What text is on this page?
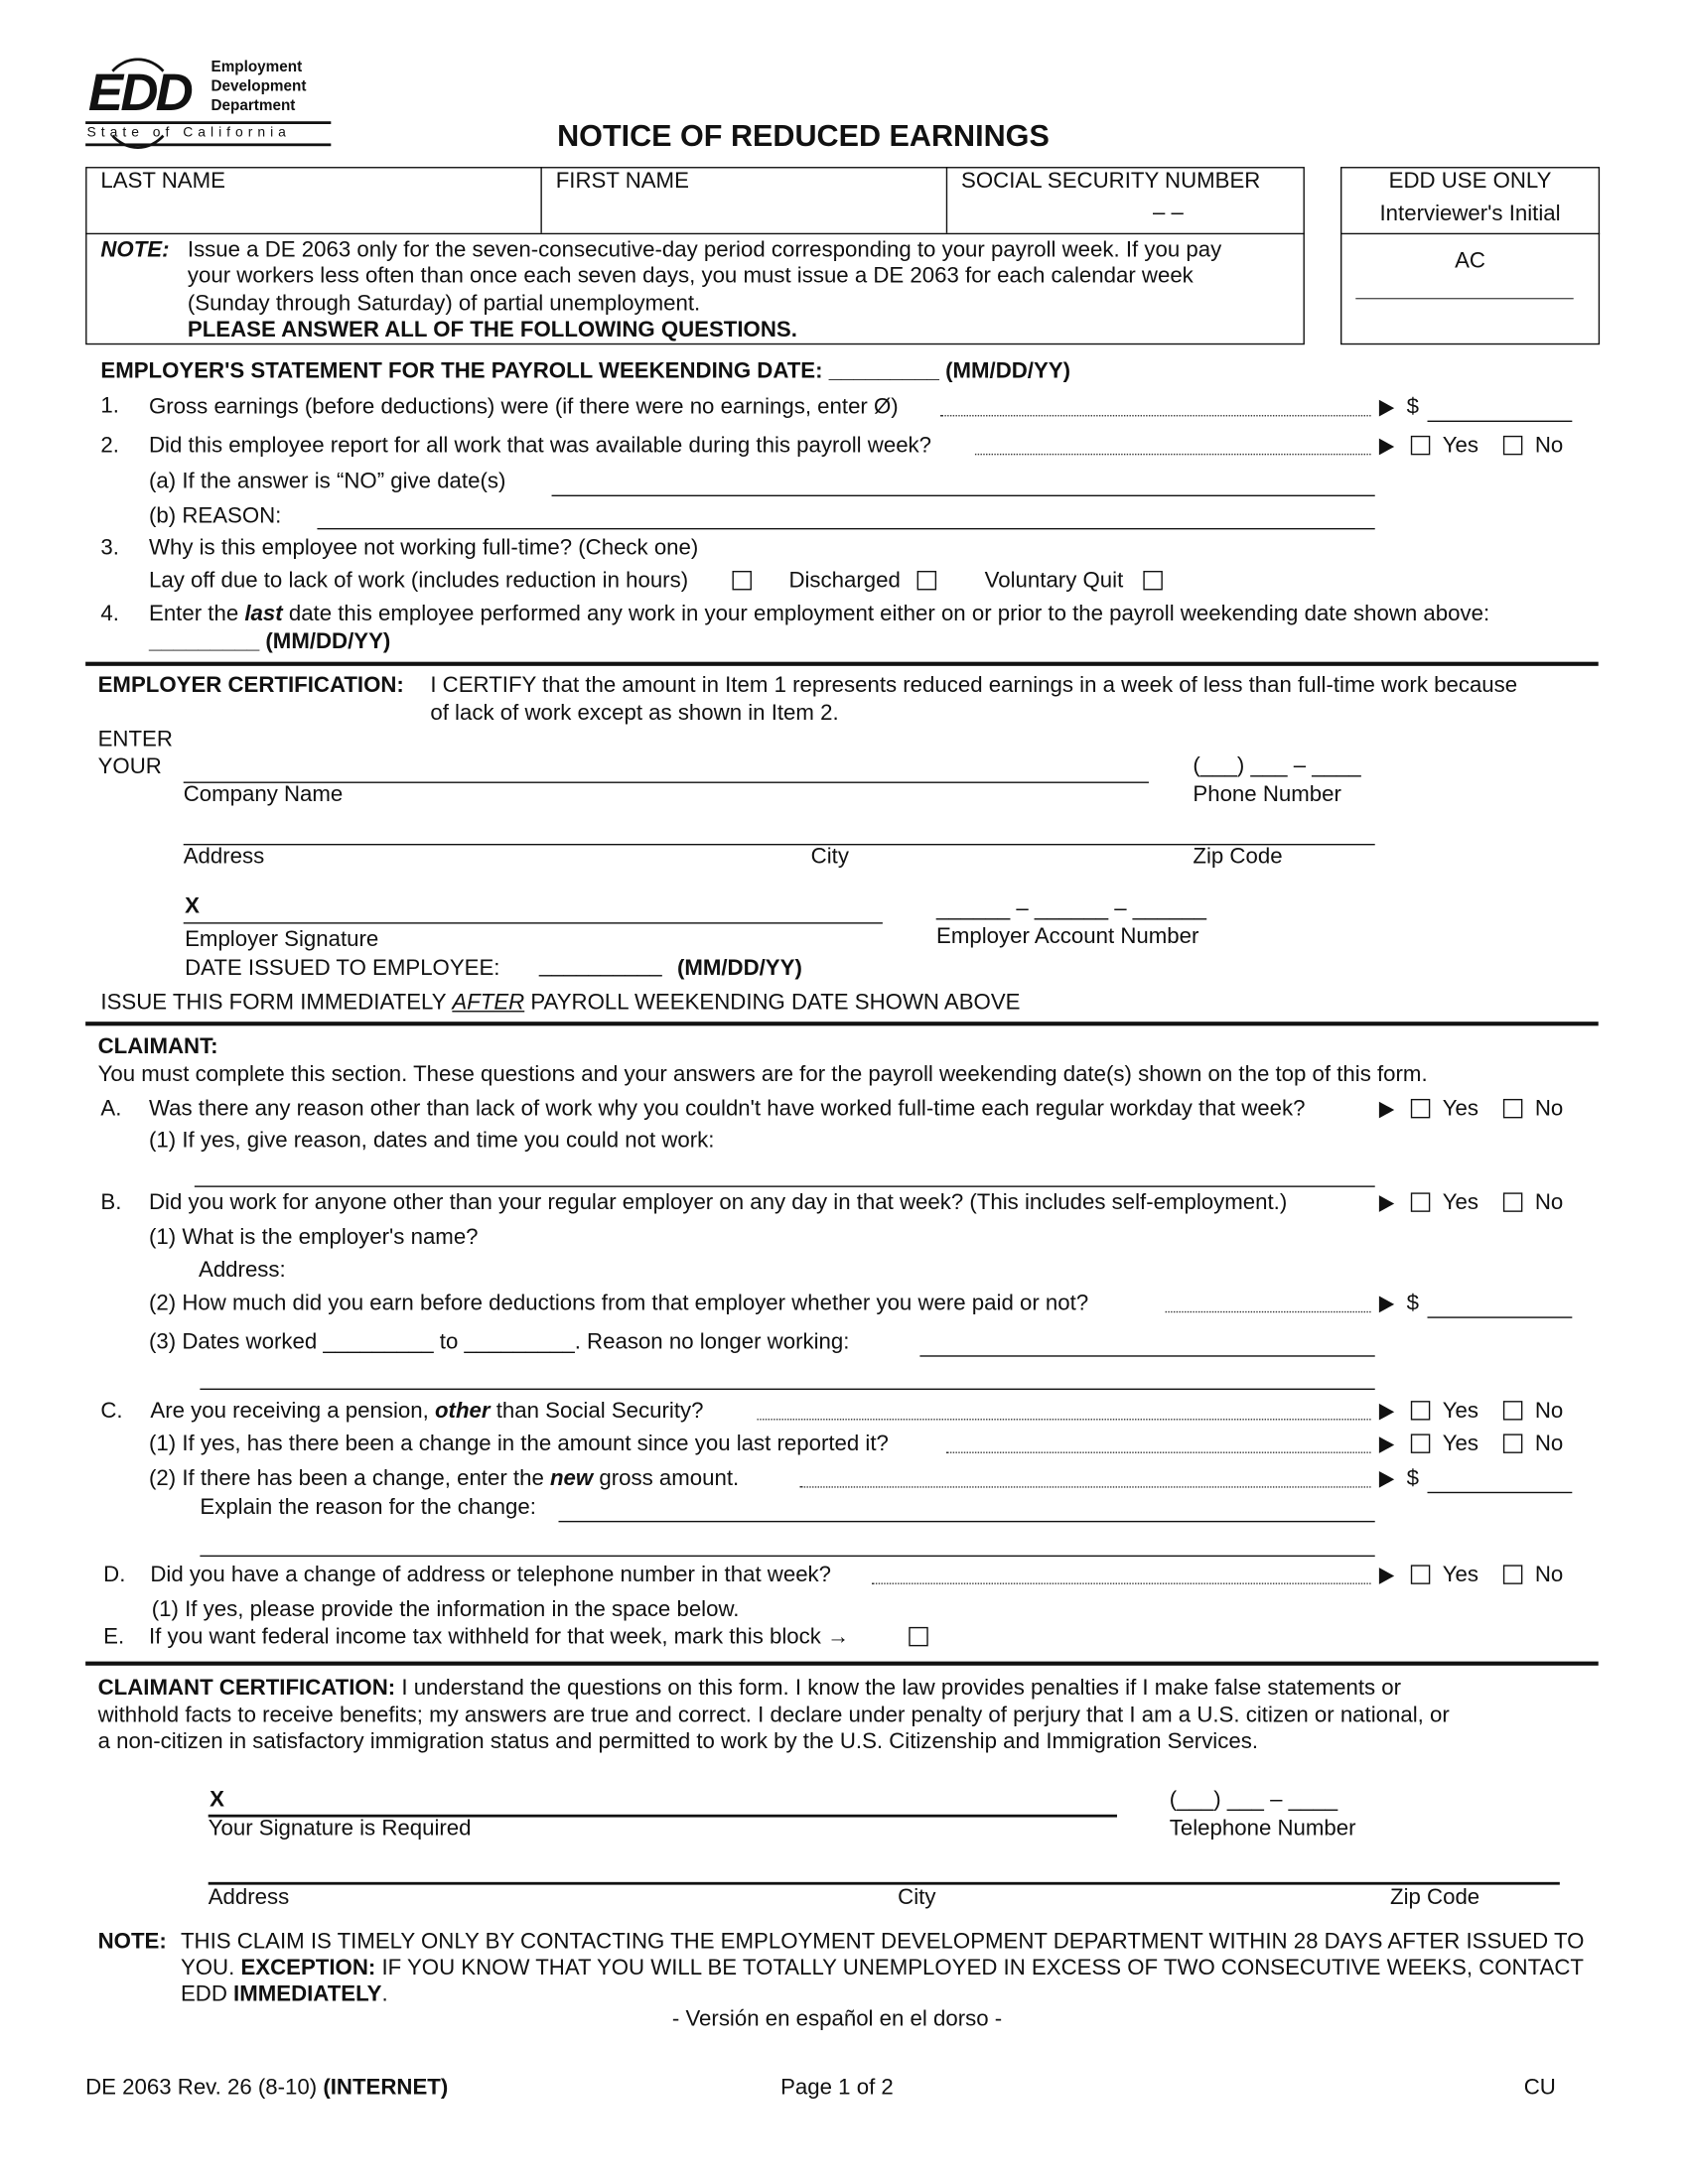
EDD Employment
Development
Department
State of California	NOTICE OF REDUCED EARNINGS
LAST NAME	FIRST NAME	SOCIAL SECURITY NUMBER
– –
NOTE: Issue a DE 2063 only for the seven-consecutive-day period corresponding to your payroll week. If you pay
your workers less often than once each seven days, you must issue a DE 2063 for each calendar week
(Sunday through Saturday) of partial unemployment.
PLEASE ANSWER ALL OF THE FOLLOWING QUESTIONS.
EDD USE ONLY
Interviewer's Initial
AC
EMPLOYER'S STATEMENT FOR THE PAYROLL WEEKENDING DATE: _________ (MM/DD/YY)
1. Gross earnings (before deductions) were (if there were no earnings, enter Ø)	$
2. Did this employee report for all work that was available during this payroll week?	Yes	No
(a) If the answer is “NO” give date(s)
(b) REASON:
3. Why is this employee not working full-time? (Check one)
Lay off due to lack of work (includes reduction in hours)	Discharged	Voluntary Quit
4. Enter the last date this employee performed any work in your employment either on or prior to the payroll weekending date shown above:
_________ (MM/DD/YY)
EMPLOYER CERTIFICATION: I CERTIFY that the amount in Item 1 represents reduced earnings in a week of less than full-time work because
of lack of work except as shown in Item 2.
ENTER
YOUR	(___) ___ – ____
Company Name	Phone Number
Address	City	Zip Code
X	______ – ______ – ______
Employer Signature	Employer Account Number
DATE ISSUED TO EMPLOYEE: __________ (MM/DD/YY)
ISSUE THIS FORM IMMEDIATELY AFTER PAYROLL WEEKENDING DATE SHOWN ABOVE
CLAIMANT:
You must complete this section. These questions and your answers are for the payroll weekending date(s) shown on the top of this form.
A. Was there any reason other than lack of work why you couldn't have worked full-time each regular workday that week?	Yes	No
(1) If yes, give reason, dates and time you could not work:
B. Did you work for anyone other than your regular employer on any day in that week? (This includes self-employment.)	Yes	No
(1) What is the employer's name?
Address:
(2) How much did you earn before deductions from that employer whether you were paid or not?	$
(3) Dates worked _________ to _________. Reason no longer working:
C. Are you receiving a pension, other than Social Security?	Yes	No
(1) If yes, has there been a change in the amount since you last reported it?	Yes	No
(2) If there has been a change, enter the new gross amount.	$
Explain the reason for the change:
D. Did you have a change of address or telephone number in that week?	Yes	No
(1) If yes, please provide the information in the space below.
E. If you want federal income tax withheld for that week, mark this block →
CLAIMANT CERTIFICATION: I understand the questions on this form. I know the law provides penalties if I make false statements or
withhold facts to receive benefits; my answers are true and correct. I declare under penalty of perjury that I am a U.S. citizen or national, or
a non-citizen in satisfactory immigration status and permitted to work by the U.S. Citizenship and Immigration Services.
X	(___) ___ – ____
Your Signature is Required	Telephone Number
Address	City	Zip Code
NOTE: THIS CLAIM IS TIMELY ONLY BY CONTACTING THE EMPLOYMENT DEVELOPMENT DEPARTMENT WITHIN 28 DAYS AFTER ISSUED TO
YOU. EXCEPTION: IF YOU KNOW THAT YOU WILL BE TOTALLY UNEMPLOYED IN EXCESS OF TWO CONSECUTIVE WEEKS, CONTACT
EDD IMMEDIATELY.
- Versión en español en el dorso -
DE 2063 Rev. 26 (8-10) (INTERNET)	Page 1 of 2	CU
